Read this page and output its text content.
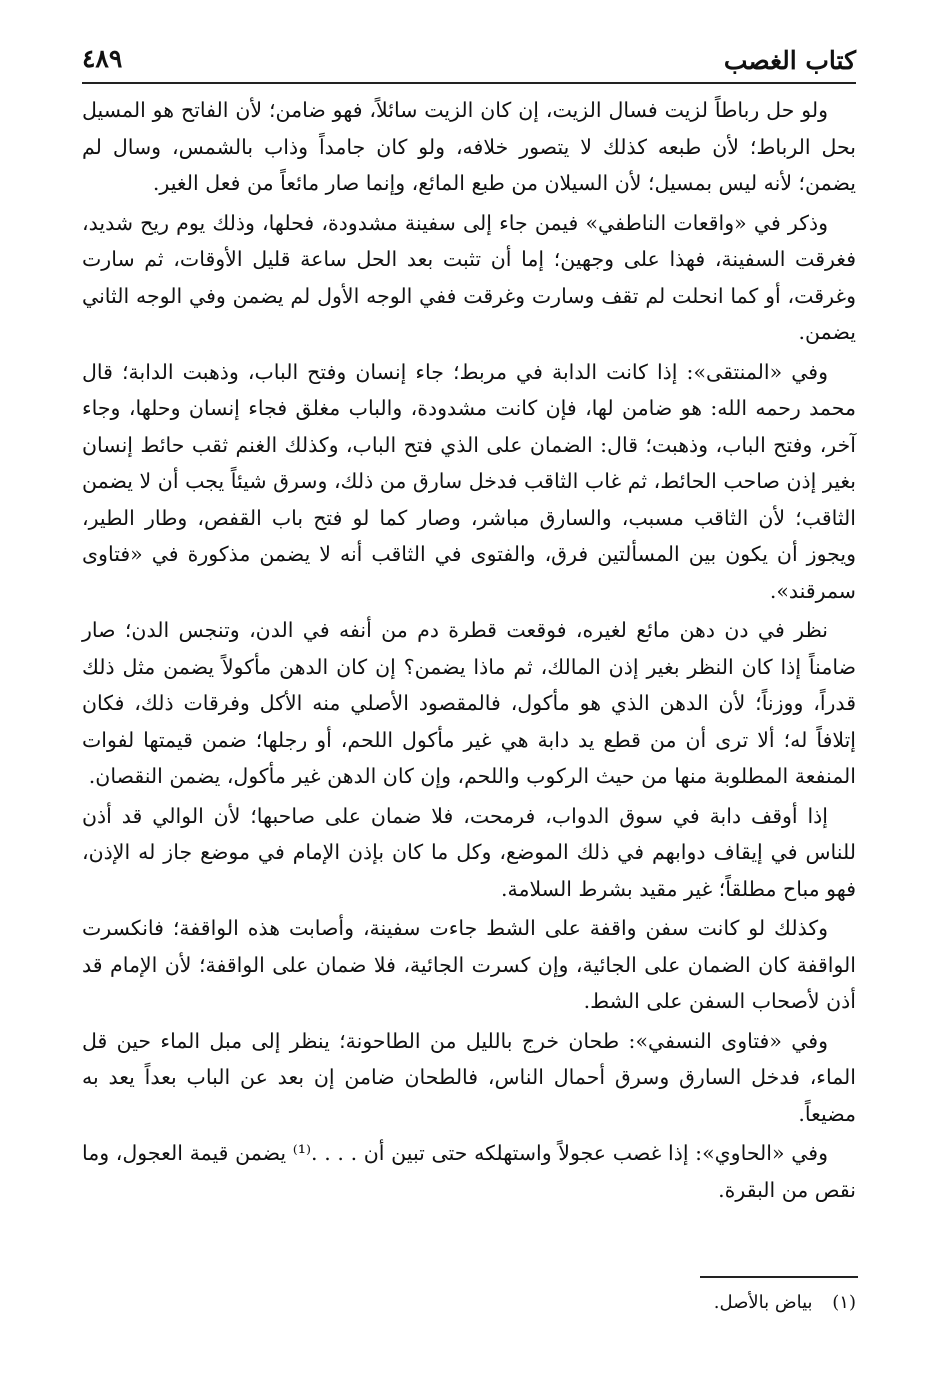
كتاب الغصب
٤٨٩

ولو حل رباطاً لزيت فسال الزيت، إن كان الزيت سائلاً، فهو ضامن؛ لأن الفاتح هو المسيل بحل الرباط؛ لأن طبعه كذلك لا يتصور خلافه، ولو كان جامداً وذاب بالشمس، وسال لم يضمن؛ لأنه ليس بمسيل؛ لأن السيلان من طبع المائع، وإنما صار مائعاً من فعل الغير.

وذكر في «واقعات الناطفي» فيمن جاء إلى سفينة مشدودة، فحلها، وذلك يوم ريح شديد، فغرقت السفينة، فهذا على وجهين؛ إما أن تثبت بعد الحل ساعة قليل الأوقات، ثم سارت وغرقت، أو كما انحلت لم تقف وسارت وغرقت ففي الوجه الأول لم يضمن وفي الوجه الثاني يضمن.

وفي «المنتقى»: إذا كانت الدابة في مربط؛ جاء إنسان وفتح الباب، وذهبت الدابة؛ قال محمد رحمه الله: هو ضامن لها، فإن كانت مشدودة، والباب مغلق فجاء إنسان وحلها، وجاء آخر، وفتح الباب، وذهبت؛ قال: الضمان على الذي فتح الباب، وكذلك الغنم ثقب حائط إنسان بغير إذن صاحب الحائط، ثم غاب الثاقب فدخل سارق من ذلك، وسرق شيئاً يجب أن لا يضمن الثاقب؛ لأن الثاقب مسبب، والسارق مباشر، وصار كما لو فتح باب القفص، وطار الطير، ويجوز أن يكون بين المسألتين فرق، والفتوى في الثاقب أنه لا يضمن مذكورة في «فتاوى سمرقند».

نظر في دن دهن مائع لغيره، فوقعت قطرة دم من أنفه في الدن، وتنجس الدن؛ صار ضامناً إذا كان النظر بغير إذن المالك، ثم ماذا يضمن؟ إن كان الدهن مأكولاً يضمن مثل ذلك قدراً، ووزناً؛ لأن الدهن الذي هو مأكول، فالمقصود الأصلي منه الأكل وفرقات ذلك، فكان إتلافاً له؛ ألا ترى أن من قطع يد دابة هي غير مأكول اللحم، أو رجلها؛ ضمن قيمتها لفوات المنفعة المطلوبة منها من حيث الركوب واللحم، وإن كان الدهن غير مأكول، يضمن النقصان.

إذا أوقف دابة في سوق الدواب، فرمحت، فلا ضمان على صاحبها؛ لأن الوالي قد أذن للناس في إيقاف دوابهم في ذلك الموضع، وكل ما كان بإذن الإمام في موضع جاز له الإذن، فهو مباح مطلقاً؛ غير مقيد بشرط السلامة.

وكذلك لو كانت سفن واقفة على الشط جاءت سفينة، وأصابت هذه الواقفة؛ فانكسرت الواقفة كان الضمان على الجائية، وإن كسرت الجائية، فلا ضمان على الواقفة؛ لأن الإمام قد أذن لأصحاب السفن على الشط.

وفي «فتاوى النسفي»: طحان خرج بالليل من الطاحونة؛ ينظر إلى مبل الماء حين قل الماء، فدخل السارق وسرق أحمال الناس، فالطحان ضامن إن بعد عن الباب بعداً يعد به مضيعاً.

وفي «الحاوي»: إذا غصب عجولاً واستهلكه حتى تبين أن . . . .⁽¹⁾ يضمن قيمة العجول، وما نقص من البقرة.

(١) بياض بالأصل.
